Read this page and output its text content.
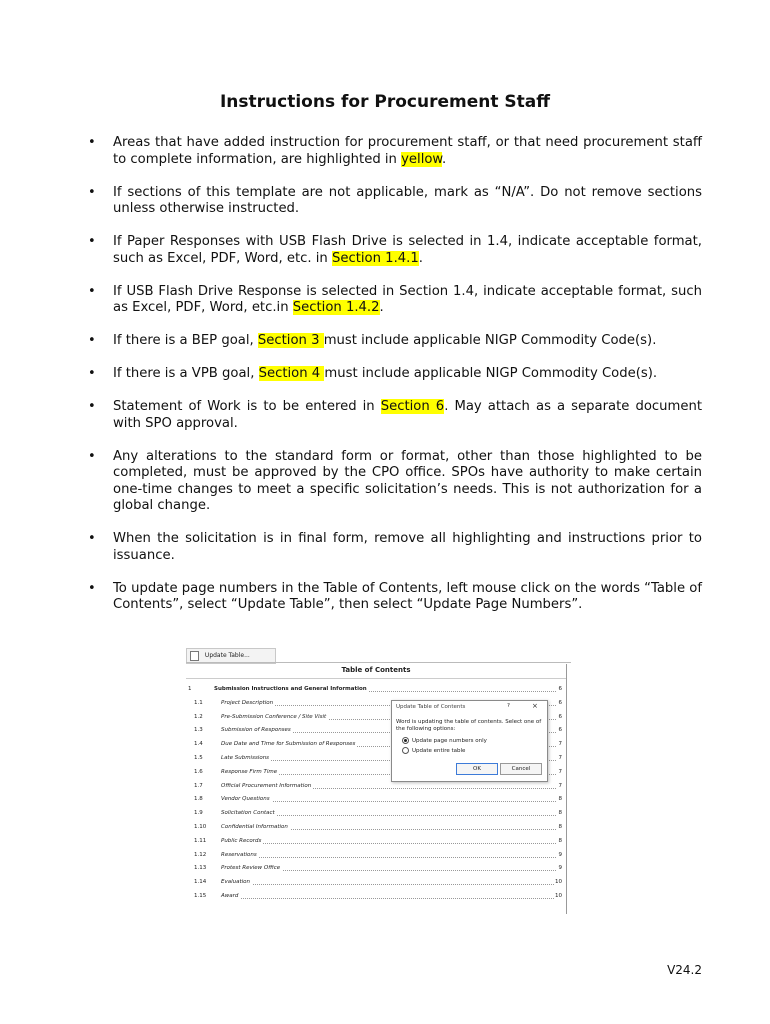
Instructions for Procurement Staff
• Areas that have added instruction for procurement staff, or that need procurement staff to complete information, are highlighted in yellow.
• If sections of this template are not applicable, mark as “N/A”. Do not remove sections unless otherwise instructed.
• If Paper Responses with USB Flash Drive is selected in 1.4, indicate acceptable format, such as Excel, PDF, Word, etc. in Section 1.4.1.
• If USB Flash Drive Response is selected in Section 1.4, indicate acceptable format, such as Excel, PDF, Word, etc.in Section 1.4.2.
• If there is a BEP goal, Section 3 must include applicable NIGP Commodity Code(s).
• If there is a VPB goal, Section 4 must include applicable NIGP Commodity Code(s).
• Statement of Work is to be entered in Section 6. May attach as a separate document with SPO approval.
• Any alterations to the standard form or format, other than those highlighted to be completed, must be approved by the CPO office. SPOs have authority to make certain one-time changes to meet a specific solicitation’s needs. This is not authorization for a global change.
• When the solicitation is in final form, remove all highlighting and instructions prior to issuance.
• To update page numbers in the Table of Contents, left mouse click on the words “Table of Contents”, select “Update Table”, then select “Update Page Numbers”.
Update Table...
Table of Contents
1	Submission Instructions and General Information	6
1.1	Project Description	6
1.2	Pre-Submission Conference / Site Visit	6
1.3	Submission of Responses	6
1.4	Due Date and Time for Submission of Responses	7
1.5	Late Submissions	7
1.6	Response Firm Time	7
1.7	Official Procurement Information	7
1.8	Vendor Questions	8
1.9	Solicitation Contact	8
1.10	Confidential Information	8
1.11	Public Records	8
1.12	Reservations	9
1.13	Protest Review Office	9
1.14	Evaluation	10
1.15	Award	10
Update Table of Contents	?	×
Word is updating the table of contents. Select one of the following options:
Update page numbers only
Update entire table
OK	Cancel
V24.2
